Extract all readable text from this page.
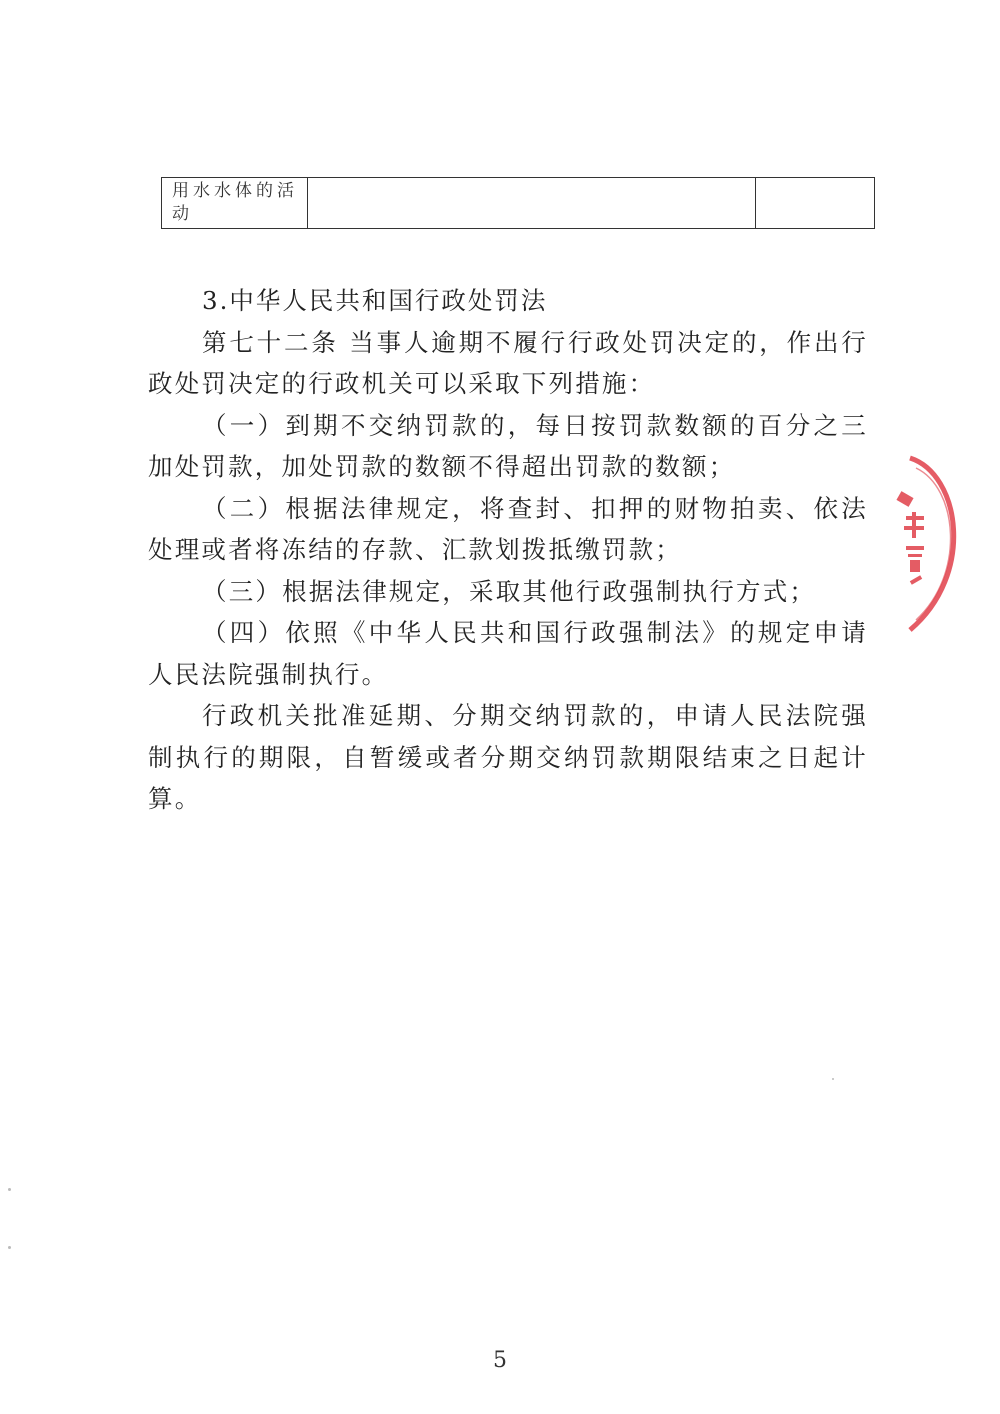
用水水体的活动

3.中华人民共和国行政处罚法

第七十二条 当事人逾期不履行行政处罚决定的，作出行政处罚决定的行政机关可以采取下列措施：

（一）到期不交纳罚款的，每日按罚款数额的百分之三加处罚款，加处罚款的数额不得超出罚款的数额；

（二）根据法律规定，将查封、扣押的财物拍卖、依法处理或者将冻结的存款、汇款划拨抵缴罚款；

（三）根据法律规定，采取其他行政强制执行方式；

（四）依照《中华人民共和国行政强制法》的规定申请人民法院强制执行。

行政机关批准延期、分期交纳罚款的，申请人民法院强制执行的期限，自暂缓或者分期交纳罚款期限结束之日起计算。

5
